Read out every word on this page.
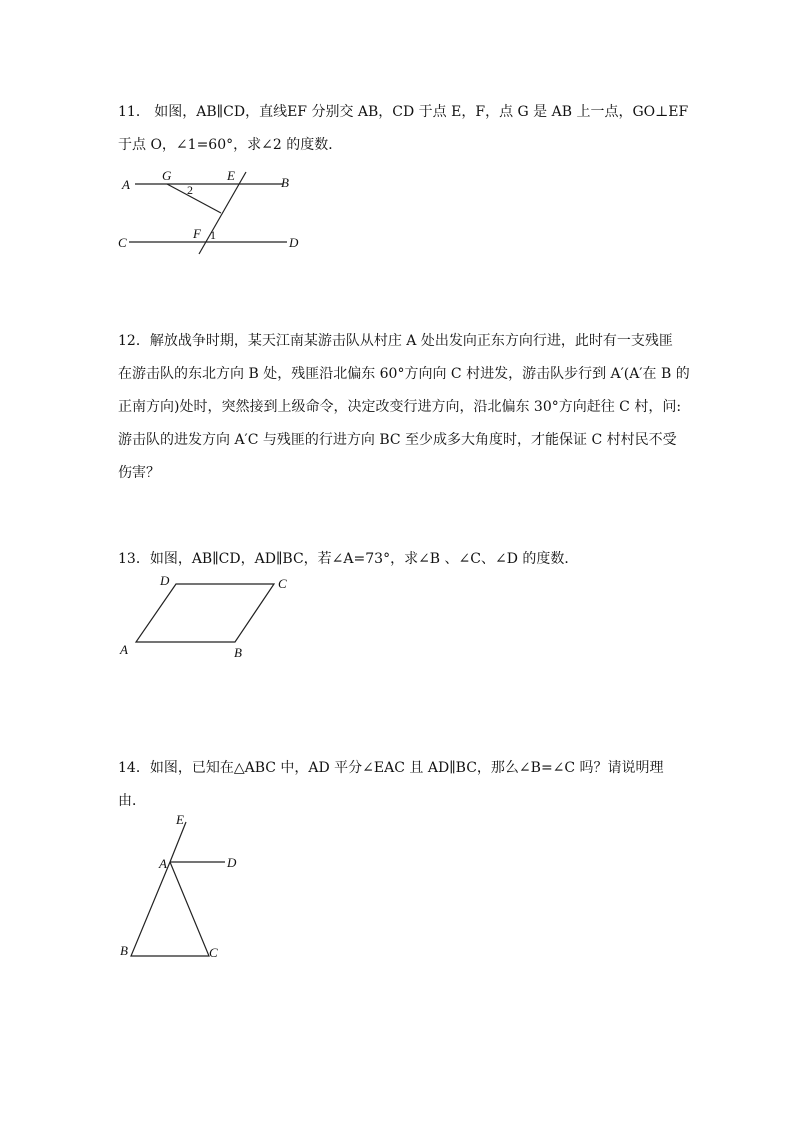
11． 如图，AB∥CD，直线EF 分别交 AB，CD 于点 E，F，点 G 是 AB 上一点，GO⊥EF

于点 O，∠1=60°，求∠2 的度数．

A
G	E	B
2
C
F 1	D

12．解放战争时期，某天江南某游击队从村庄 A 处出发向正东方向行进，此时有一支残匪

在游击队的东北方向 B 处，残匪沿北偏东 60°方向向 C 村进发，游击队步行到 A′(A′在 B 的

正南方向)处时，突然接到上级命令，决定改变行进方向，沿北偏东 30°方向赶往 C 村，问:

游击队的进发方向 A′C 与残匪的行进方向 BC 至少成多大角度时，才能保证 C 村村民不受

伤害？

13．如图，AB∥CD，AD∥BC，若∠A=73°，求∠B 、∠C、∠D 的度数．

D	C
A	B

14．如图，已知在△ABC 中，AD 平分∠EAC 且 AD∥BC，那么∠B=∠C 吗？请说明理

由．

E
A	D
B	C
